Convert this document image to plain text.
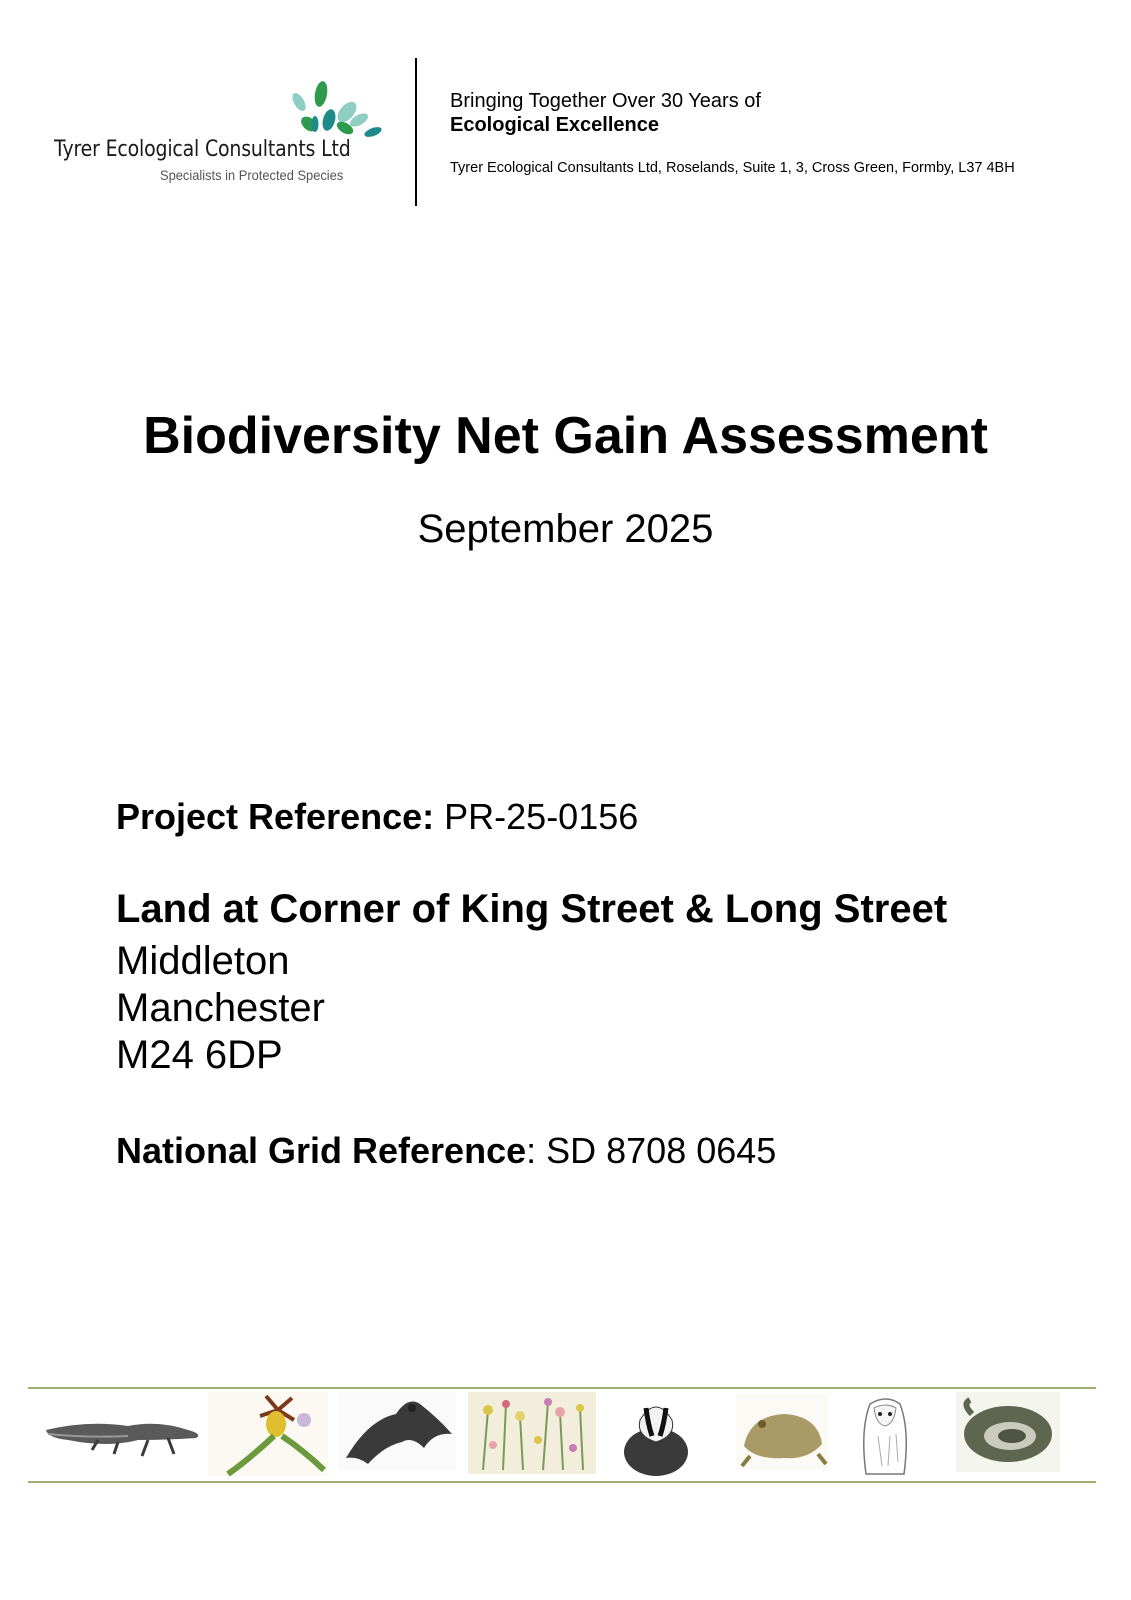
Tyrer Ecological Consultants Ltd
Specialists in Protected Species
Bringing Together Over 30 Years of
Ecological Excellence
Tyrer Ecological Consultants Ltd, Roselands, Suite 1, 3, Cross Green, Formby, L37 4BH
Biodiversity Net Gain Assessment
September 2025
Project Reference: PR-25-0156
Land at Corner of King Street & Long Street
Middleton
Manchester
M24 6DP
National Grid Reference: SD 8708 0645
